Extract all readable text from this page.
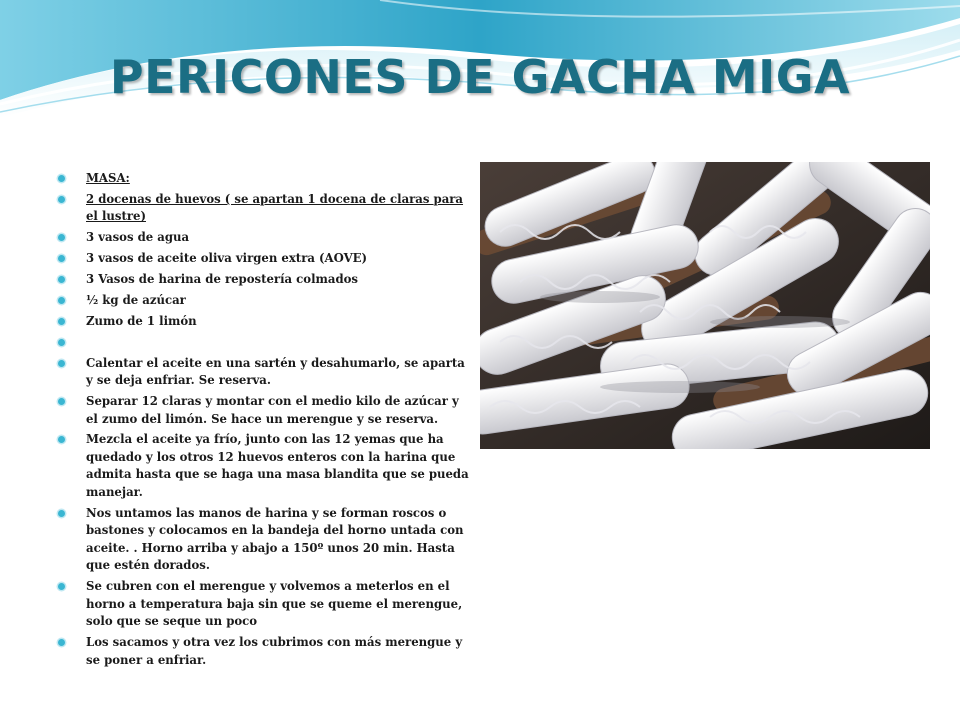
PERICONES DE GACHA MIGA
MASA:
2 docenas de huevos ( se apartan 1 docena de claras para el lustre)
3 vasos de agua
3 vasos de aceite oliva virgen extra (AOVE)
3 Vasos de harina de repostería colmados
½ kg de azúcar
Zumo de 1 limón
Calentar el aceite en una sartén y desahumarlo, se aparta y se deja enfriar. Se reserva.
Separar 12 claras y montar con el medio kilo de azúcar y el zumo del limón. Se hace un merengue y se reserva.
Mezcla el aceite ya frío, junto con las 12 yemas que ha quedado y los otros 12 huevos enteros con la harina que admita hasta que se haga una masa blandita que se pueda manejar.
Nos untamos las manos de harina y se forman roscos o bastones y colocamos en la bandeja del horno untada con aceite. . Horno arriba y abajo a 150º unos 20 min. Hasta que estén dorados.
Se cubren con el merengue y volvemos a meterlos en el horno a temperatura baja sin que se queme el merengue, solo que se seque un poco
Los sacamos y otra vez los cubrimos con más merengue y se poner a enfriar.
